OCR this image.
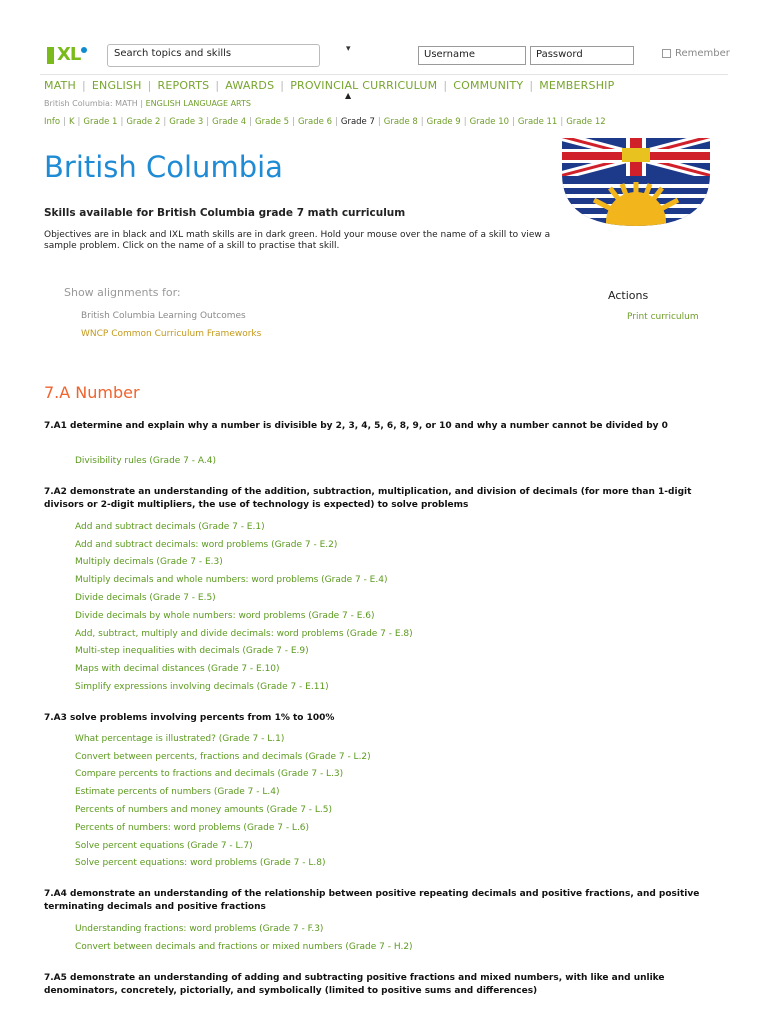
XL	Search topics and skills	▾	Username	Password	Remember
MATH | ENGLISH | REPORTS | AWARDS | PROVINCIAL CURRICULUM | COMMUNITY | MEMBERSHIP
▲
British Columbia: MATH | ENGLISH LANGUAGE ARTS
Info | K | Grade 1 | Grade 2 | Grade 3 | Grade 4 | Grade 5 | Grade 6 | Grade 7 | Grade 8 | Grade 9 | Grade 10 | Grade 11 | Grade 12
British Columbia
Skills available for British Columbia grade 7 math curriculum
Objectives are in black and IXL math skills are in dark green. Hold your mouse over the name of a skill to view a sample problem. Click on the name of a skill to practise that skill.
Show alignments for:
British Columbia Learning Outcomes
WNCP Common Curriculum Frameworks
Actions
Print curriculum
7.A Number
7.A1 determine and explain why a number is divisible by 2, 3, 4, 5, 6, 8, 9, or 10 and why a number cannot be divided by 0
Divisibility rules (Grade 7 - A.4)
7.A2 demonstrate an understanding of the addition, subtraction, multiplication, and division of decimals (for more than 1-digit divisors or 2-digit multipliers, the use of technology is expected) to solve problems
Add and subtract decimals (Grade 7 - E.1)
Add and subtract decimals: word problems (Grade 7 - E.2)
Multiply decimals (Grade 7 - E.3)
Multiply decimals and whole numbers: word problems (Grade 7 - E.4)
Divide decimals (Grade 7 - E.5)
Divide decimals by whole numbers: word problems (Grade 7 - E.6)
Add, subtract, multiply and divide decimals: word problems (Grade 7 - E.8)
Multi-step inequalities with decimals (Grade 7 - E.9)
Maps with decimal distances (Grade 7 - E.10)
Simplify expressions involving decimals (Grade 7 - E.11)
7.A3 solve problems involving percents from 1% to 100%
What percentage is illustrated? (Grade 7 - L.1)
Convert between percents, fractions and decimals (Grade 7 - L.2)
Compare percents to fractions and decimals (Grade 7 - L.3)
Estimate percents of numbers (Grade 7 - L.4)
Percents of numbers and money amounts (Grade 7 - L.5)
Percents of numbers: word problems (Grade 7 - L.6)
Solve percent equations (Grade 7 - L.7)
Solve percent equations: word problems (Grade 7 - L.8)
7.A4 demonstrate an understanding of the relationship between positive repeating decimals and positive fractions, and positive terminating decimals and positive fractions
Understanding fractions: word problems (Grade 7 - F.3)
Convert between decimals and fractions or mixed numbers (Grade 7 - H.2)
7.A5 demonstrate an understanding of adding and subtracting positive fractions and mixed numbers, with like and unlike denominators, concretely, pictorially, and symbolically (limited to positive sums and differences)
